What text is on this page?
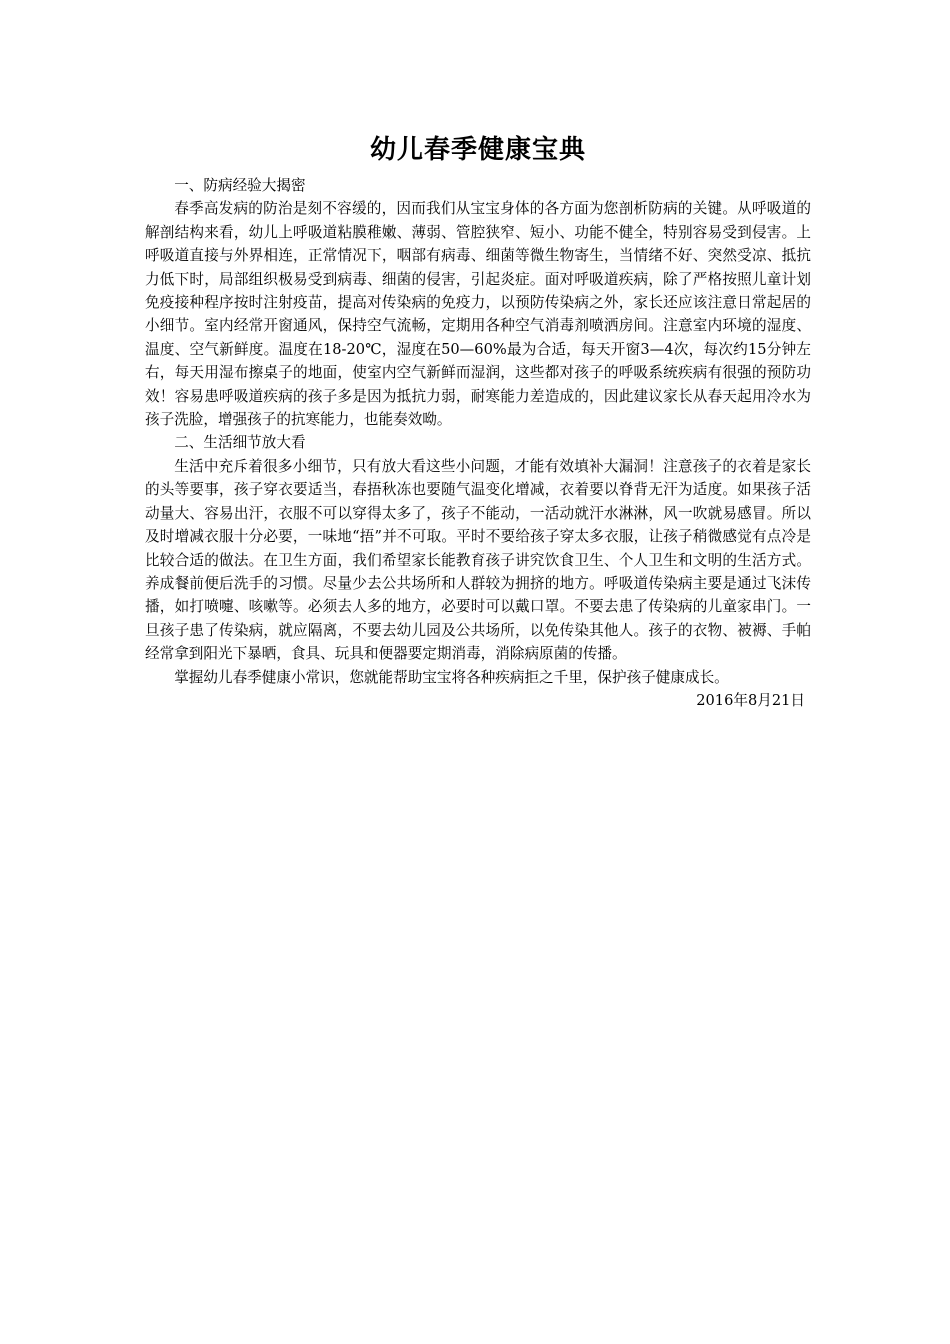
幼儿春季健康宝典

一、防病经验大揭密

春季高发病的防治是刻不容缓的，因而我们从宝宝身体的各方面为您剖析防病的关键。从呼吸道的解剖结构来看，幼儿上呼吸道粘膜稚嫩、薄弱、管腔狭窄、短小、功能不健全，特别容易受到侵害。上呼吸道直接与外界相连，正常情况下，咽部有病毒、细菌等微生物寄生，当情绪不好、突然受凉、抵抗力低下时，局部组织极易受到病毒、细菌的侵害，引起炎症。面对呼吸道疾病，除了严格按照儿童计划免疫接种程序按时注射疫苗，提高对传染病的免疫力，以预防传染病之外，家长还应该注意日常起居的小细节。室内经常开窗通风，保持空气流畅，定期用各种空气消毒剂喷洒房间。注意室内环境的湿度、温度、空气新鲜度。温度在18-20℃，湿度在50—60%最为合适，每天开窗3—4次，每次约15分钟左右，每天用湿布擦桌子的地面，使室内空气新鲜而湿润，这些都对孩子的呼吸系统疾病有很强的预防功效！容易患呼吸道疾病的孩子多是因为抵抗力弱，耐寒能力差造成的，因此建议家长从春天起用冷水为孩子洗脸，增强孩子的抗寒能力，也能奏效呦。

二、生活细节放大看

生活中充斥着很多小细节，只有放大看这些小问题，才能有效填补大漏洞！注意孩子的衣着是家长的头等要事，孩子穿衣要适当，春捂秋冻也要随气温变化增减，衣着要以脊背无汗为适度。如果孩子活动量大、容易出汗，衣服不可以穿得太多了，孩子不能动，一活动就汗水淋淋，风一吹就易感冒。所以及时增减衣服十分必要，一味地“捂”并不可取。平时不要给孩子穿太多衣服，让孩子稍微感觉有点冷是比较合适的做法。在卫生方面，我们希望家长能教育孩子讲究饮食卫生、个人卫生和文明的生活方式。养成餐前便后洗手的习惯。尽量少去公共场所和人群较为拥挤的地方。呼吸道传染病主要是通过飞沫传播，如打喷嚏、咳嗽等。必须去人多的地方，必要时可以戴口罩。不要去患了传染病的儿童家串门。一旦孩子患了传染病，就应隔离，不要去幼儿园及公共场所，以免传染其他人。孩子的衣物、被褥、手帕经常拿到阳光下暴晒，食具、玩具和便器要定期消毒，消除病原菌的传播。

掌握幼儿春季健康小常识，您就能帮助宝宝将各种疾病拒之千里，保护孩子健康成长。

2016年8月21日
